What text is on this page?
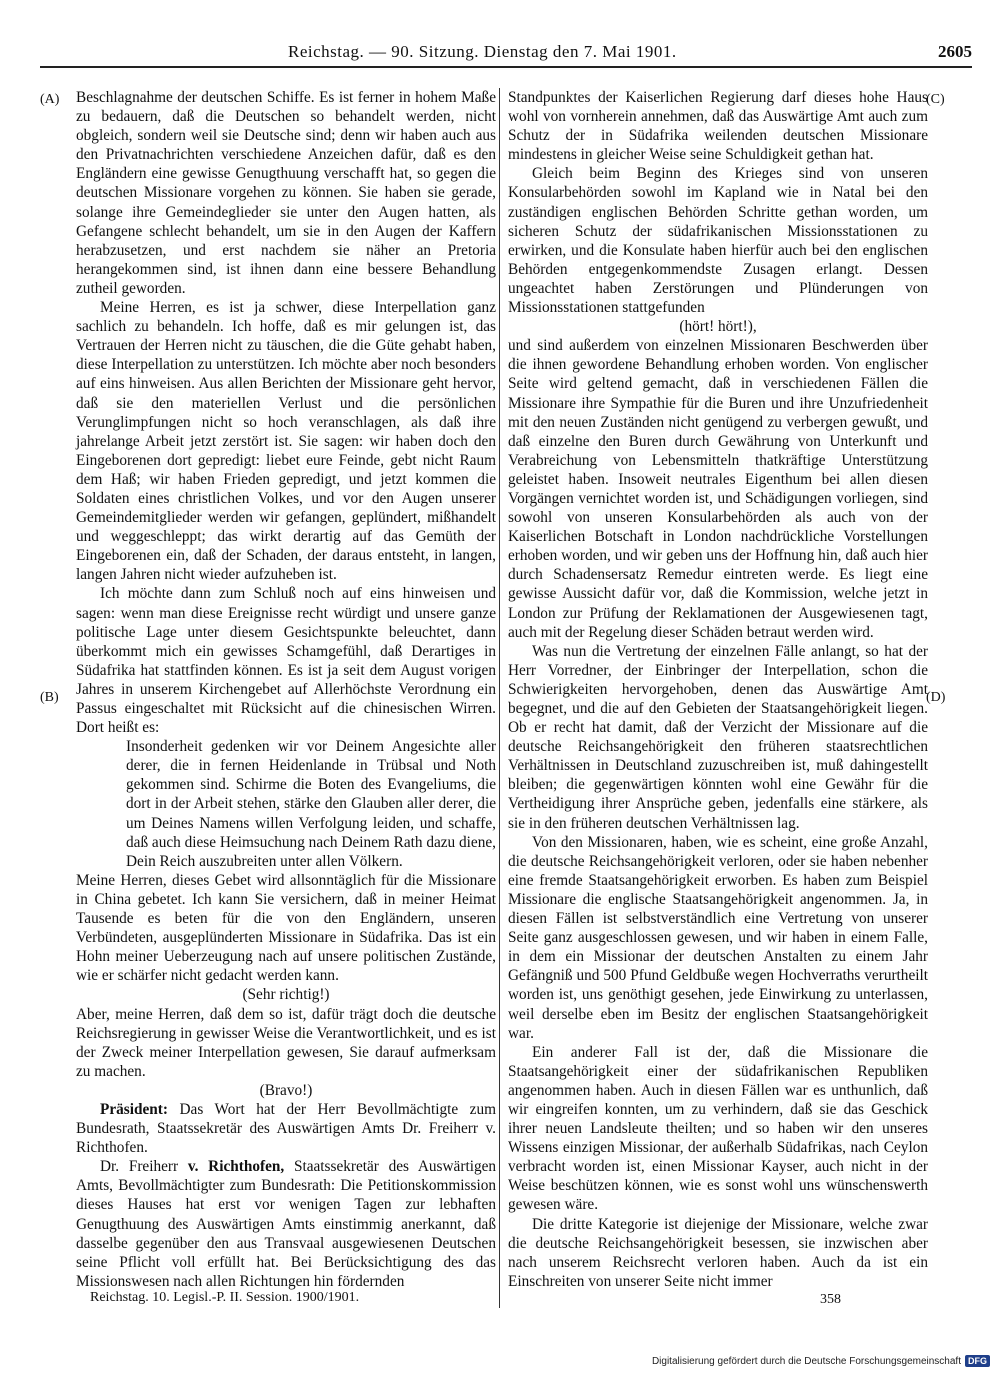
Reichstag. — 90. Sitzung. Dienstag den 7. Mai 1901.	2605
(A)
(B)
(C)
(D)

Beschlagnahme der deutschen Schiffe. Es ist ferner in hohem Maße zu bedauern, daß die Deutschen so behandelt werden, nicht obgleich, sondern weil sie Deutsche sind; denn wir haben auch aus den Privatnachrichten verschiedene Anzeichen dafür, daß es den Engländern eine gewisse Genugthuung verschafft hat, so gegen die deutschen Missionare vorgehen zu können. Sie haben sie gerade, solange ihre Gemeindeglieder sie unter den Augen hatten, als Gefangene schlecht behandelt, um sie in den Augen der Kaffern herabzusetzen, und erst nachdem sie näher an Pretoria herangekommen sind, ist ihnen dann eine bessere Behandlung zutheil geworden.

Meine Herren, es ist ja schwer, diese Interpellation ganz sachlich zu behandeln. Ich hoffe, daß es mir gelungen ist, das Vertrauen der Herren nicht zu täuschen, die die Güte gehabt haben, diese Interpellation zu unterstützen. Ich möchte aber noch besonders auf eins hinweisen. Aus allen Berichten der Missionare geht hervor, daß sie den materiellen Verlust und die persönlichen Verunglimpfungen nicht so hoch veranschlagen, als daß ihre jahrelange Arbeit jetzt zerstört ist. Sie sagen: wir haben doch den Eingeborenen dort gepredigt: liebet eure Feinde, gebt nicht Raum dem Haß; wir haben Frieden gepredigt, und jetzt kommen die Soldaten eines christlichen Volkes, und vor den Augen unserer Gemeindemitglieder werden wir gefangen, geplündert, mißhandelt und weggeschleppt; das wirkt derartig auf das Gemüth der Eingeborenen ein, daß der Schaden, der daraus entsteht, in langen, langen Jahren nicht wieder aufzuheben ist.

Ich möchte dann zum Schluß noch auf eins hinweisen und sagen: wenn man diese Ereignisse recht würdigt und unsere ganze politische Lage unter diesem Gesichtspunkte beleuchtet, dann überkommt mich ein gewisses Schamgefühl, daß Derartiges in Südafrika hat stattfinden können. Es ist ja seit dem August vorigen Jahres in unserem Kirchengebet auf Allerhöchste Verordnung ein Passus eingeschaltet mit Rücksicht auf die chinesischen Wirren. Dort heißt es:

Insonderheit gedenken wir vor Deinem Angesichte aller derer, die in fernen Heidenlande in Trübsal und Noth gekommen sind. Schirme die Boten des Evangeliums, die dort in der Arbeit stehen, stärke den Glauben aller derer, die um Deines Namens willen Verfolgung leiden, und schaffe, daß auch diese Heimsuchung nach Deinem Rath dazu diene, Dein Reich auszubreiten unter allen Völkern.

Meine Herren, dieses Gebet wird allsonntäglich für die Missionare in China gebetet. Ich kann Sie versichern, daß in meiner Heimat Tausende es beten für die von den Engländern, unseren Verbündeten, ausgeplünderten Missionare in Südafrika. Das ist ein Hohn meiner Ueberzeugung nach auf unsere politischen Zustände, wie er schärfer nicht gedacht werden kann.

(Sehr richtig!)

Aber, meine Herren, daß dem so ist, dafür trägt doch die deutsche Reichsregierung in gewisser Weise die Verantwortlichkeit, und es ist der Zweck meiner Interpellation gewesen, Sie darauf aufmerksam zu machen.

(Bravo!)

Präsident: Das Wort hat der Herr Bevollmächtigte zum Bundesrath, Staatssekretär des Auswärtigen Amts Dr. Freiherr v. Richthofen.

Dr. Freiherr v. Richthofen, Staatssekretär des Auswärtigen Amts, Bevollmächtigter zum Bundesrath: Die Petitionskommission dieses Hauses hat erst vor wenigen Tagen zur lebhaften Genugthuung des Auswärtigen Amts einstimmig anerkannt, daß dasselbe gegenüber den aus Transvaal ausgewiesenen Deutschen seine Pflicht voll erfüllt hat. Bei Berücksichtigung des das Missionswesen nach allen Richtungen hin fördernden

Standpunktes der Kaiserlichen Regierung darf dieses hohe Haus wohl von vornherein annehmen, daß das Auswärtige Amt auch zum Schutz der in Südafrika weilenden deutschen Missionare mindestens in gleicher Weise seine Schuldigkeit gethan hat.

Gleich beim Beginn des Krieges sind von unseren Konsularbehörden sowohl im Kapland wie in Natal bei den zuständigen englischen Behörden Schritte gethan worden, um sicheren Schutz der südafrikanischen Missionsstationen zu erwirken, und die Konsulate haben hierfür auch bei den englischen Behörden entgegenkommendste Zusagen erlangt. Dessen ungeachtet haben Zerstörungen und Plünderungen von Missionsstationen stattgefunden

(hört! hört!),

und sind außerdem von einzelnen Missionaren Beschwerden über die ihnen gewordene Behandlung erhoben worden. Von englischer Seite wird geltend gemacht, daß in verschiedenen Fällen die Missionare ihre Sympathie für die Buren und ihre Unzufriedenheit mit den neuen Zuständen nicht genügend zu verbergen gewußt, und daß einzelne den Buren durch Gewährung von Unterkunft und Verabreichung von Lebensmitteln thatkräftige Unterstützung geleistet haben. Insoweit neutrales Eigenthum bei allen diesen Vorgängen vernichtet worden ist, und Schädigungen vorliegen, sind sowohl von unseren Konsularbehörden als auch von der Kaiserlichen Botschaft in London nachdrückliche Vorstellungen erhoben worden, und wir geben uns der Hoffnung hin, daß auch hier durch Schadensersatz Remedur eintreten werde. Es liegt eine gewisse Aussicht dafür vor, daß die Kommission, welche jetzt in London zur Prüfung der Reklamationen der Ausgewiesenen tagt, auch mit der Regelung dieser Schäden betraut werden wird.

Was nun die Vertretung der einzelnen Fälle anlangt, so hat der Herr Vorredner, der Einbringer der Interpellation, schon die Schwierigkeiten hervorgehoben, denen das Auswärtige Amt begegnet, und die auf den Gebieten der Staatsangehörigkeit liegen. Ob er recht hat damit, daß der Verzicht der Missionare auf die deutsche Reichsangehörigkeit den früheren staatsrechtlichen Verhältnissen in Deutschland zuzuschreiben ist, muß dahingestellt bleiben; die gegenwärtigen könnten wohl eine Gewähr für die Vertheidigung ihrer Ansprüche geben, jedenfalls eine stärkere, als sie in den früheren deutschen Verhältnissen lag.

Von den Missionaren, haben, wie es scheint, eine große Anzahl, die deutsche Reichsangehörigkeit verloren, oder sie haben nebenher eine fremde Staatsangehörigkeit erworben. Es haben zum Beispiel Missionare die englische Staatsangehörigkeit angenommen. Ja, in diesen Fällen ist selbstverständlich eine Vertretung von unserer Seite ganz ausgeschlossen gewesen, und wir haben in einem Falle, in dem ein Missionar der deutschen Anstalten zu einem Jahr Gefängniß und 500 Pfund Geldbuße wegen Hochverraths verurtheilt worden ist, uns genöthigt gesehen, jede Einwirkung zu unterlassen, weil derselbe eben im Besitz der englischen Staatsangehörigkeit war.

Ein anderer Fall ist der, daß die Missionare die Staatsangehörigkeit einer der südafrikanischen Republiken angenommen haben. Auch in diesen Fällen war es unthunlich, daß wir eingreifen konnten, um zu verhindern, daß sie das Geschick ihrer neuen Landsleute theilten; und so haben wir den unseres Wissens einzigen Missionar, der außerhalb Südafrikas, nach Ceylon verbracht worden ist, einen Missionar Kayser, auch nicht in der Weise beschützen können, wie es sonst wohl uns wünschenswerth gewesen wäre.

Die dritte Kategorie ist diejenige der Missionare, welche zwar die deutsche Reichsangehörigkeit besessen, sie inzwischen aber nach unserem Reichsrecht verloren haben. Auch da ist ein Einschreiten von unserer Seite nicht immer

Reichstag. 10. Legisl.-P. II. Session. 1900/1901.	358
Digitalisierung gefördert durch die Deutsche Forschungsgemeinschaft DFG
